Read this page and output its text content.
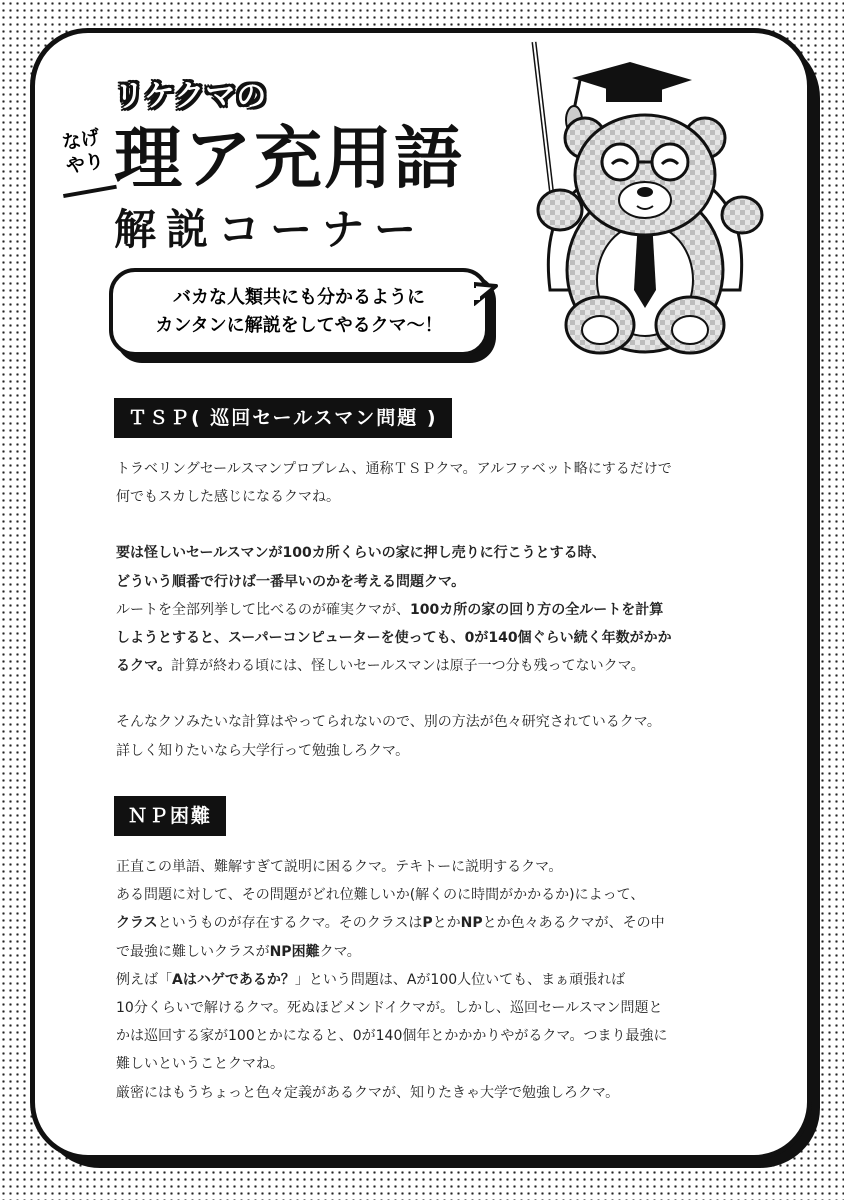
リケクマの
なげ
やり 理ア充用語
解説コーナー
バカな人類共にも分かるように
カンタンに解説をしてやるクマ〜！
ＴＳＰ( 巡回セールスマン問題 )

トラベリングセールスマンプロブレム、通称ＴＳＰクマ。アルファベット略にするだけで

何でもスカした感じになるクマね。

要は怪しいセールスマンが100カ所くらいの家に押し売りに行こうとする時、

どういう順番で行けば一番早いのかを考える問題クマ。

ルートを全部列挙して比べるのが確実クマが、100カ所の家の回り方の全ルートを計算

しようとすると、スーパーコンピューターを使っても、0が140個ぐらい続く年数がかか

るクマ。計算が終わる頃には、怪しいセールスマンは原子一つ分も残ってないクマ。

そんなクソみたいな計算はやってられないので、別の方法が色々研究されているクマ。

詳しく知りたいなら大学行って勉強しろクマ。

ＮＰ困難

正直この単語、難解すぎて説明に困るクマ。テキトーに説明するクマ。

ある問題に対して、その問題がどれ位難しいか(解くのに時間がかかるか)によって、

クラスというものが存在するクマ。そのクラスはPとかNPとか色々あるクマが、その中

で最強に難しいクラスがNP困難クマ。

例えば「Aはハゲであるか？」という問題は、Aが100人位いても、まぁ頑張れば

10分くらいで解けるクマ。死ぬほどメンドイクマが。しかし、巡回セールスマン問題と

かは巡回する家が100とかになると、0が140個年とかかかりやがるクマ。つまり最強に

難しいということクマね。

厳密にはもうちょっと色々定義があるクマが、知りたきゃ大学で勉強しろクマ。
